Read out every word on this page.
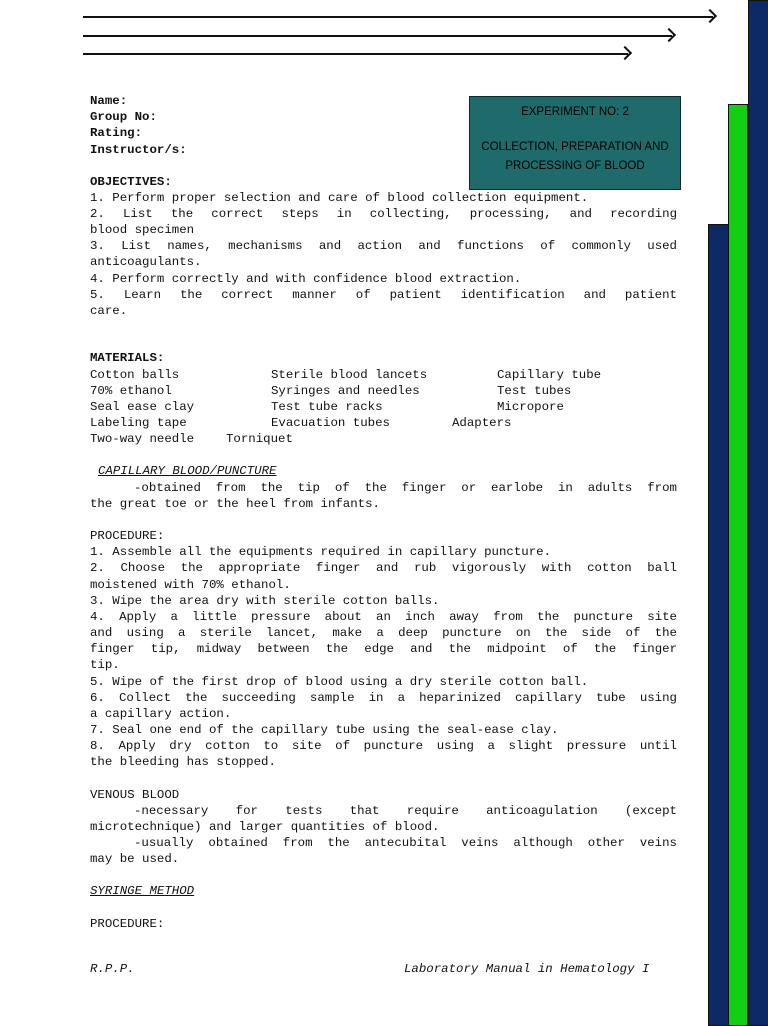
Name:
Group No:
Rating:
Instructor/s:
EXPERIMENT NO: 2
COLLECTION, PREPARATION AND
PROCESSING OF BLOOD
OBJECTIVES:
1. Perform proper selection and care of blood collection equipment.
2. List the correct steps in collecting, processing, and recording
blood specimen
3. List names, mechanisms and action and functions of commonly used
anticoagulants.
4. Perform correctly and with confidence blood extraction.
5. Learn the correct manner of patient identification and patient
care.
MATERIALS:
Cotton balls	Sterile blood lancets	Capillary tube
70% ethanol	Syringes and needles	Test tubes
Seal ease clay	Test tube racks	Micropore
Labeling tape	Evacuation tubes	Adapters
Two-way needle	Torniquet
CAPILLARY BLOOD/PUNCTURE
-obtained from the tip of the finger or earlobe in adults from
the great toe or the heel from infants.
PROCEDURE:
1. Assemble all the equipments required in capillary puncture.
2. Choose the appropriate finger and rub vigorously with cotton ball
moistened with 70% ethanol.
3. Wipe the area dry with sterile cotton balls.
4. Apply a little pressure about an inch away from the puncture site
and using a sterile lancet, make a deep puncture on the side of the
finger tip, midway between the edge and the midpoint of the finger
tip.
5. Wipe of the first drop of blood using a dry sterile cotton ball.
6. Collect the succeeding sample in a heparinized capillary tube using
a capillary action.
7. Seal one end of the capillary tube using the seal-ease clay.
8. Apply dry cotton to site of puncture using a slight pressure until
the bleeding has stopped.
VENOUS BLOOD
-necessary for tests that require anticoagulation (except
microtechnique) and larger quantities of blood.
-usually obtained from the antecubital veins although other veins
may be used.
SYRINGE METHOD
PROCEDURE:
R.P.P.	Laboratory Manual in Hematology I
